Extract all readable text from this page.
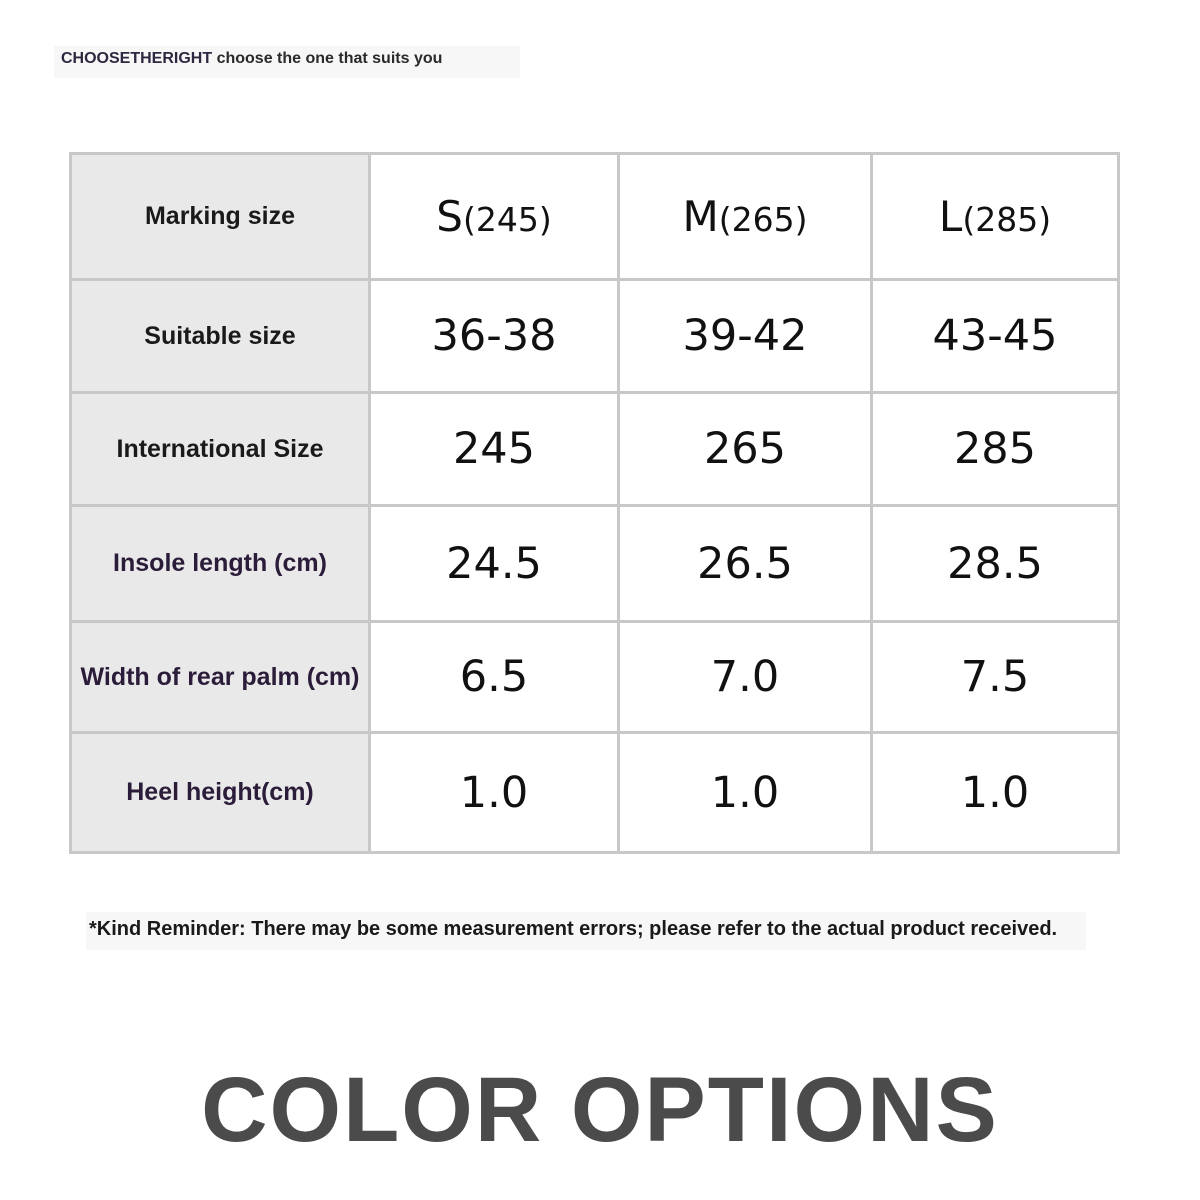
CHOOSETHERIGHT choose the one that suits you
Marking size	S(245)	M(265)	L(285)
Suitable size	36-38	39-42	43-45
International Size	245	265	285
Insole length (cm)	24.5	26.5	28.5
Width of rear palm (cm)	6.5	7.0	7.5
Heel height(cm)	1.0	1.0	1.0
*Kind Reminder: There may be some measurement errors; please refer to the actual product received.
COLOR OPTIONS
